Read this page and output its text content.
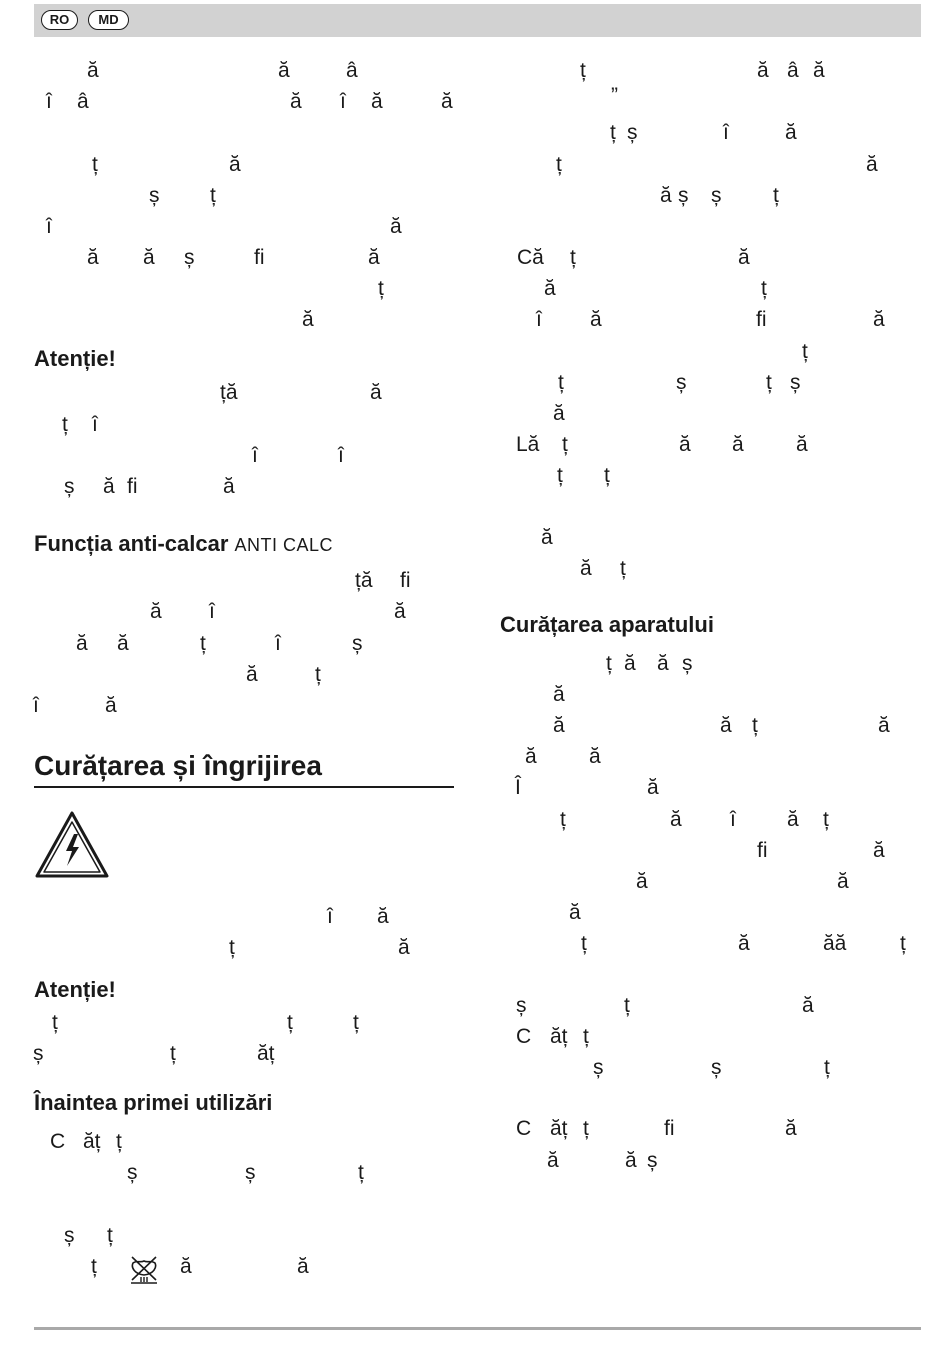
RO	MD
ă	ă	â
î â	ă î ă	ă
ț	ă
ș ț
î	ă
ă ă ș	fi	ă
ț
ă
Atenție!
ță	ă
ț î
î	î
ș ă fi	ă
Funcția anti-calcar ANTI CALC
ță fi
ă î	ă
ă ă	ț	î	ș
ă	ț
î	ă
Curățarea și îngrijirea
î ă
ț	ă
Atenție!
ț	ț	ț
ș	ț	ăț
Înaintea primei utilizări
C ăț ț
ș	ș	ț
ș ț
ț	ă	ă
ț	ă â ă
”
ț ș	î	ă
ț	ă
ă ș ș ț
Că ț	ă
ă	ț
î ă	fi	ă
ț
ț	ș	ț ș
ă
Lă ț	ă ă ă
ț ț
ă
ă ț
Curățarea aparatului
ț ă ă ș
ă
ă	ă ț	ă
ă ă
Î	ă
ț	ă î ă ț
fi	ă
ă	ă
ă
ț	ă	ăă	ț
ș	ț	ă
C ăț ț
ș	ș	ț
C ăț ț	fi	ă
ă	ă ș
